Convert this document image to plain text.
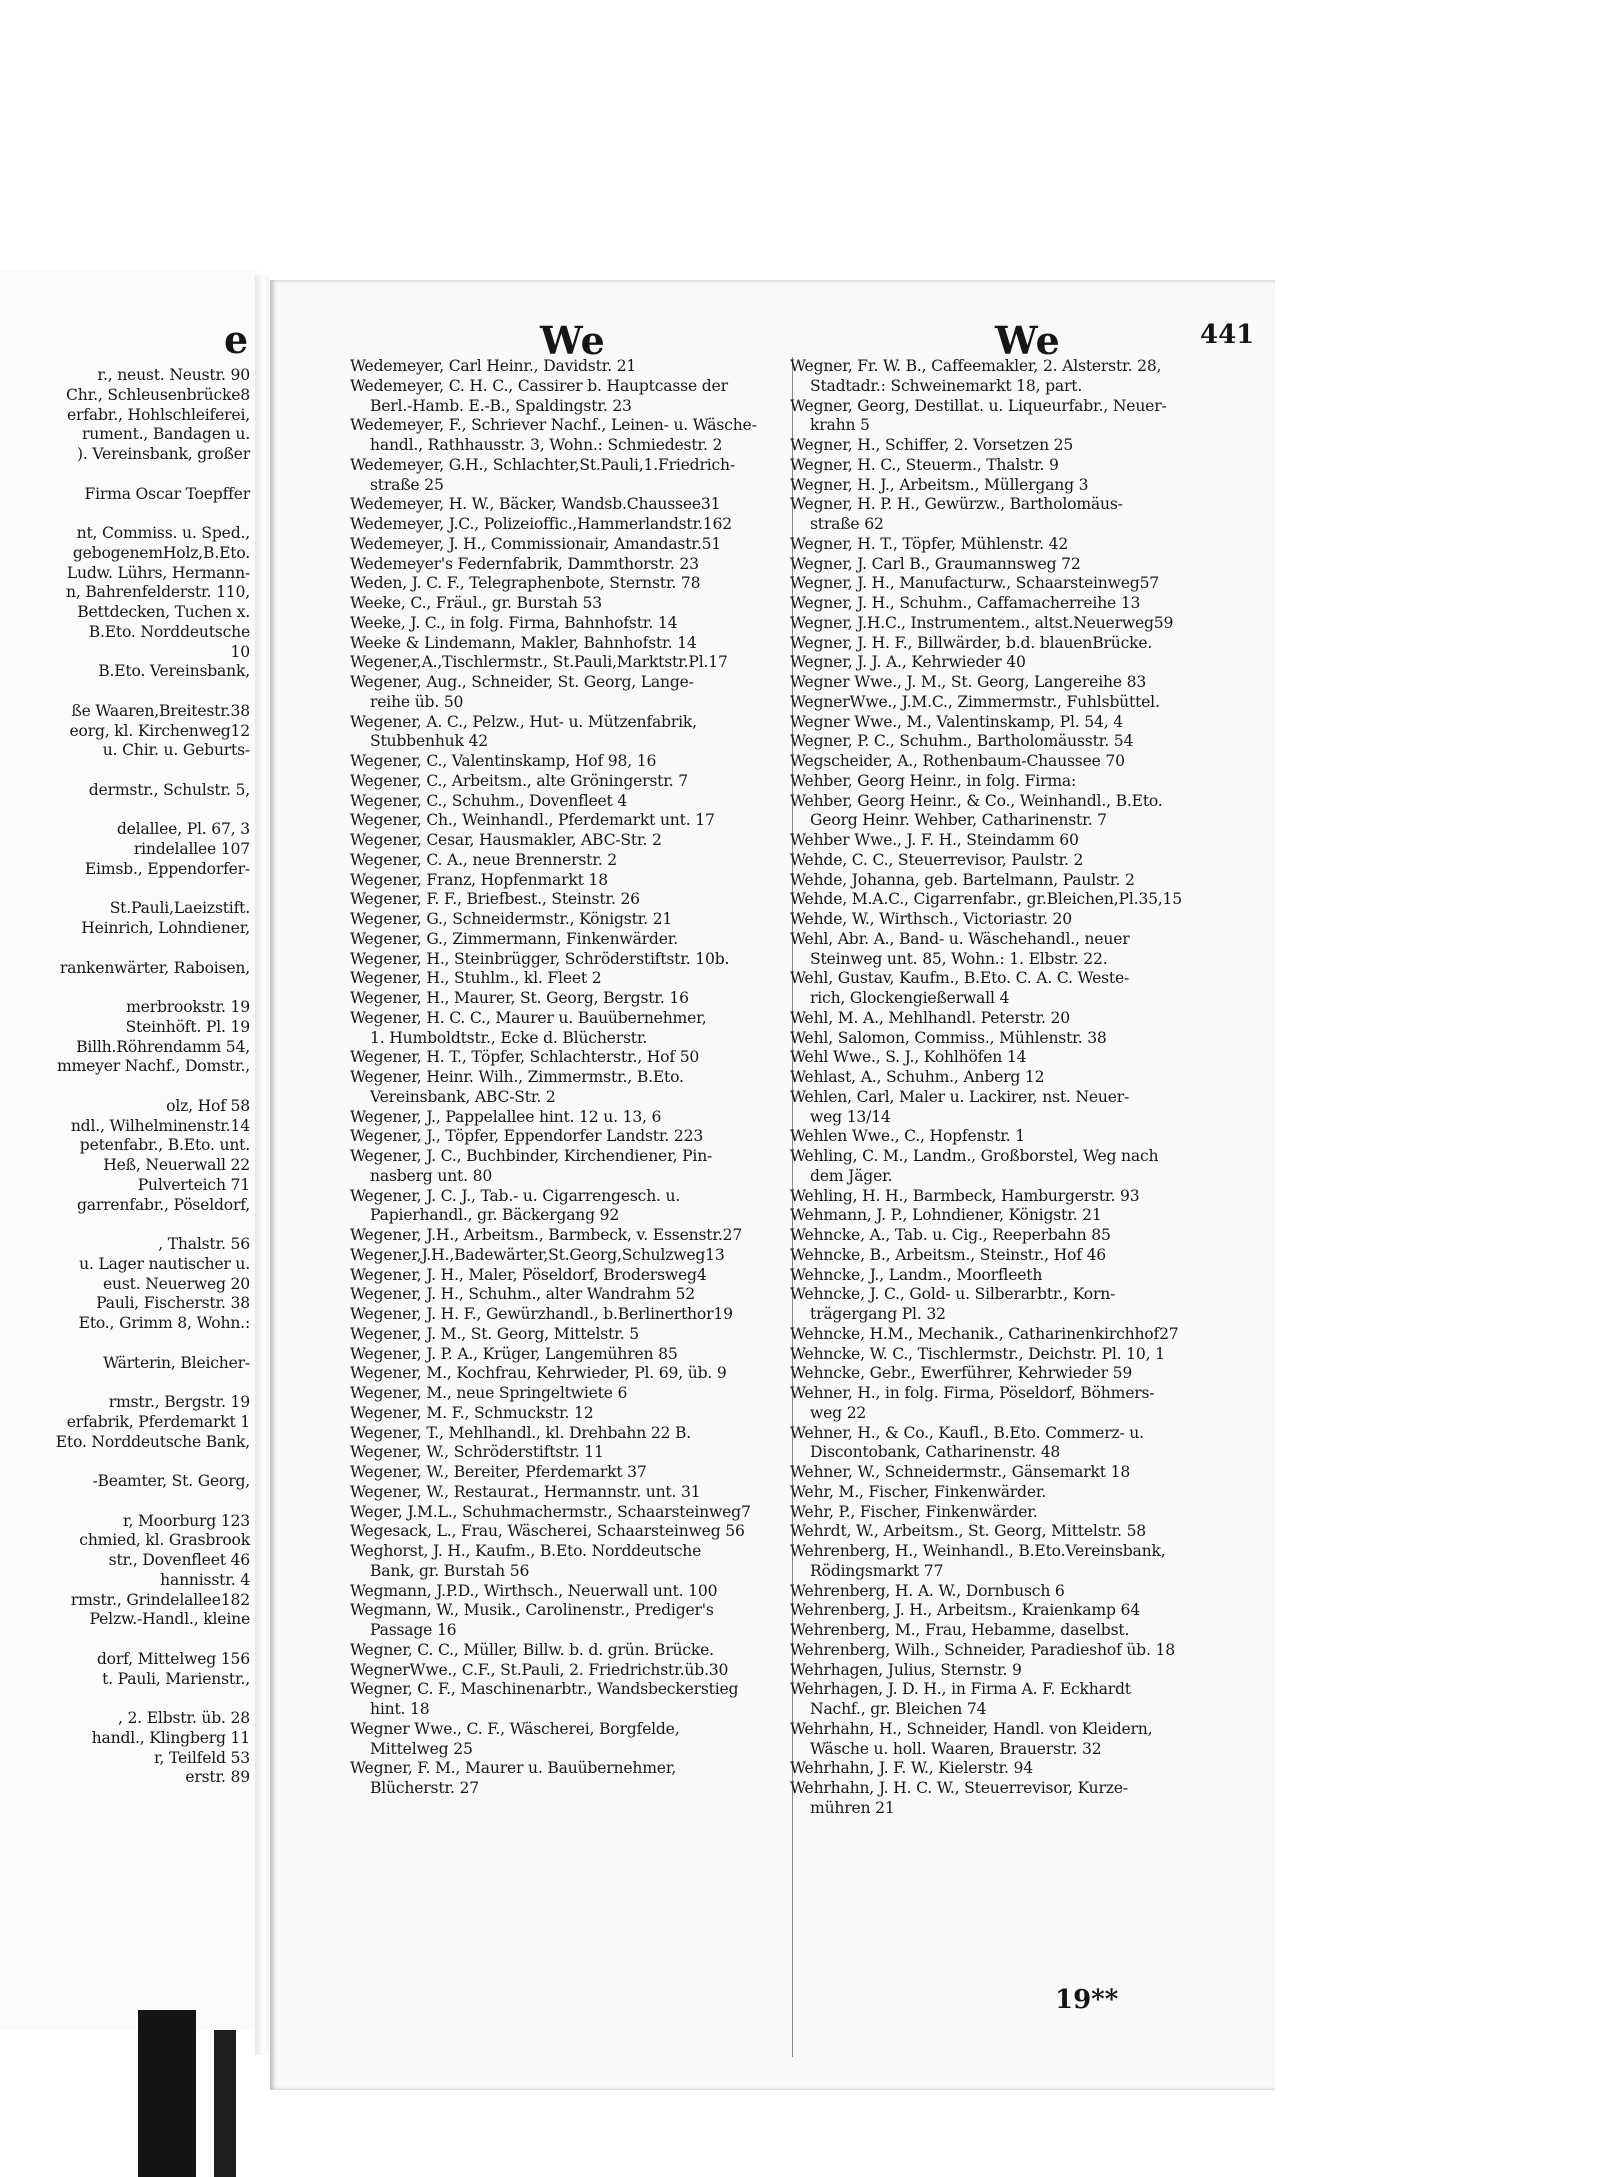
e
r., neust. Neustr. 90
Chr., Schleusenbrücke8
erfabr., Hohlschleiferei,
rument., Bandagen u.
). Vereinsbank, großer
Firma Oscar Toepffer
nt, Commiss. u. Sped.,
gebogenemHolz,B.Eto.
Ludw. Lührs, Hermann-
n, Bahrenfelderstr. 110,
Bettdecken, Tuchen x.
B.Eto. Norddeutsche
10
B.Eto. Vereinsbank,
ße Waaren,Breitestr.38
eorg, kl. Kirchenweg12
u. Chir. u. Geburts-
dermstr., Schulstr. 5,
delallee, Pl. 67, 3
rindelallee 107
Eimsb., Eppendorfer-
St.Pauli,Laeizstift.
Heinrich, Lohndiener,
rankenwärter, Raboisen,
merbrookstr. 19
Steinhöft. Pl. 19
Billh.Röhrendamm 54,
mmeyer Nachf., Domstr.,
olz, Hof 58
ndl., Wilhelminenstr.14
petenfabr., B.Eto. unt.
Heß, Neuerwall 22
Pulverteich 71
garrenfabr., Pöseldorf,
, Thalstr. 56
u. Lager nautischer u.
eust. Neuerweg 20
Pauli, Fischerstr. 38
Eto., Grimm 8, Wohn.:
Wärterin, Bleicher-
rmstr., Bergstr. 19
erfabrik, Pferdemarkt 1
Eto. Norddeutsche Bank,
-Beamter, St. Georg,
r, Moorburg 123
chmied, kl. Grasbrook
str., Dovenfleet 46
hannisstr. 4
rmstr., Grindelallee182
Pelzw.-Handl., kleine
dorf, Mittelweg 156
t. Pauli, Marienstr.,
, 2. Elbstr. üb. 28
handl., Klingberg 11
r, Teilfeld 53
erstr. 89
We	We	441
Wedemeyer, Carl Heinr., Davidstr. 21
Wedemeyer, C. H. C., Cassirer b. Hauptcasse der
Berl.-Hamb. E.-B., Spaldingstr. 23
Wedemeyer, F., Schriever Nachf., Leinen- u. Wäsche-
handl., Rathhausstr. 3, Wohn.: Schmiedestr. 2
Wedemeyer, G.H., Schlachter,St.Pauli,1.Friedrich-
straße 25
Wedemeyer, H. W., Bäcker, Wandsb.Chaussee31
Wedemeyer, J.C., Polizeioffic.,Hammerlandstr.162
Wedemeyer, J. H., Commissionair, Amandastr.51
Wedemeyer's Federnfabrik, Dammthorstr. 23
Weden, J. C. F., Telegraphenbote, Sternstr. 78
Weeke, C., Fräul., gr. Burstah 53
Weeke, J. C., in folg. Firma, Bahnhofstr. 14
Weeke & Lindemann, Makler, Bahnhofstr. 14
Wegener,A.,Tischlermstr., St.Pauli,Marktstr.Pl.17
Wegener, Aug., Schneider, St. Georg, Lange-
reihe üb. 50
Wegener, A. C., Pelzw., Hut- u. Mützenfabrik,
Stubbenhuk 42
Wegener, C., Valentinskamp, Hof 98, 16
Wegener, C., Arbeitsm., alte Gröningerstr. 7
Wegener, C., Schuhm., Dovenfleet 4
Wegener, Ch., Weinhandl., Pferdemarkt unt. 17
Wegener, Cesar, Hausmakler, ABC-Str. 2
Wegener, C. A., neue Brennerstr. 2
Wegener, Franz, Hopfenmarkt 18
Wegener, F. F., Briefbest., Steinstr. 26
Wegener, G., Schneidermstr., Königstr. 21
Wegener, G., Zimmermann, Finkenwärder.
Wegener, H., Steinbrügger, Schröderstiftstr. 10b.
Wegener, H., Stuhlm., kl. Fleet 2
Wegener, H., Maurer, St. Georg, Bergstr. 16
Wegener, H. C. C., Maurer u. Bauübernehmer,
1. Humboldtstr., Ecke d. Blücherstr.
Wegener, H. T., Töpfer, Schlachterstr., Hof 50
Wegener, Heinr. Wilh., Zimmermstr., B.Eto.
Vereinsbank, ABC-Str. 2
Wegener, J., Pappelallee hint. 12 u. 13, 6
Wegener, J., Töpfer, Eppendorfer Landstr. 223
Wegener, J. C., Buchbinder, Kirchendiener, Pin-
nasberg unt. 80
Wegener, J. C. J., Tab.- u. Cigarrengesch. u.
Papierhandl., gr. Bäckergang 92
Wegener, J.H., Arbeitsm., Barmbeck, v. Essenstr.27
Wegener,J.H.,Badewärter,St.Georg,Schulzweg13
Wegener, J. H., Maler, Pöseldorf, Brodersweg4
Wegener, J. H., Schuhm., alter Wandrahm 52
Wegener, J. H. F., Gewürzhandl., b.Berlinerthor19
Wegener, J. M., St. Georg, Mittelstr. 5
Wegener, J. P. A., Krüger, Langemühren 85
Wegener, M., Kochfrau, Kehrwieder, Pl. 69, üb. 9
Wegener, M., neue Springeltwiete 6
Wegener, M. F., Schmuckstr. 12
Wegener, T., Mehlhandl., kl. Drehbahn 22 B.
Wegener, W., Schröderstiftstr. 11
Wegener, W., Bereiter, Pferdemarkt 37
Wegener, W., Restaurat., Hermannstr. unt. 31
Weger, J.M.L., Schuhmachermstr., Schaarsteinweg7
Wegesack, L., Frau, Wäscherei, Schaarsteinweg 56
Weghorst, J. H., Kaufm., B.Eto. Norddeutsche
Bank, gr. Burstah 56
Wegmann, J.P.D., Wirthsch., Neuerwall unt. 100
Wegmann, W., Musik., Carolinenstr., Prediger's
Passage 16
Wegner, C. C., Müller, Billw. b. d. grün. Brücke.
WegnerWwe., C.F., St.Pauli, 2. Friedrichstr.üb.30
Wegner, C. F., Maschinenarbtr., Wandsbeckerstieg
hint. 18
Wegner Wwe., C. F., Wäscherei, Borgfelde,
Mittelweg 25
Wegner, F. M., Maurer u. Bauübernehmer,
Blücherstr. 27
Wegner, Fr. W. B., Caffeemakler, 2. Alsterstr. 28,
Stadtadr.: Schweinemarkt 18, part.
Wegner, Georg, Destillat. u. Liqueurfabr., Neuer-
krahn 5
Wegner, H., Schiffer, 2. Vorsetzen 25
Wegner, H. C., Steuerm., Thalstr. 9
Wegner, H. J., Arbeitsm., Müllergang 3
Wegner, H. P. H., Gewürzw., Bartholomäus-
straße 62
Wegner, H. T., Töpfer, Mühlenstr. 42
Wegner, J. Carl B., Graumannsweg 72
Wegner, J. H., Manufacturw., Schaarsteinweg57
Wegner, J. H., Schuhm., Caffamacherreihe 13
Wegner, J.H.C., Instrumentem., altst.Neuerweg59
Wegner, J. H. F., Billwärder, b.d. blauenBrücke.
Wegner, J. J. A., Kehrwieder 40
Wegner Wwe., J. M., St. Georg, Langereihe 83
WegnerWwe., J.M.C., Zimmermstr., Fuhlsbüttel.
Wegner Wwe., M., Valentinskamp, Pl. 54, 4
Wegner, P. C., Schuhm., Bartholomäusstr. 54
Wegscheider, A., Rothenbaum-Chaussee 70
Wehber, Georg Heinr., in folg. Firma:
Wehber, Georg Heinr., & Co., Weinhandl., B.Eto.
Georg Heinr. Wehber, Catharinenstr. 7
Wehber Wwe., J. F. H., Steindamm 60
Wehde, C. C., Steuerrevisor, Paulstr. 2
Wehde, Johanna, geb. Bartelmann, Paulstr. 2
Wehde, M.A.C., Cigarrenfabr., gr.Bleichen,Pl.35,15
Wehde, W., Wirthsch., Victoriastr. 20
Wehl, Abr. A., Band- u. Wäschehandl., neuer
Steinweg unt. 85, Wohn.: 1. Elbstr. 22.
Wehl, Gustav, Kaufm., B.Eto. C. A. C. Weste-
rich, Glockengießerwall 4
Wehl, M. A., Mehlhandl. Peterstr. 20
Wehl, Salomon, Commiss., Mühlenstr. 38
Wehl Wwe., S. J., Kohlhöfen 14
Wehlast, A., Schuhm., Anberg 12
Wehlen, Carl, Maler u. Lackirer, nst. Neuer-
weg 13/14
Wehlen Wwe., C., Hopfenstr. 1
Wehling, C. M., Landm., Großborstel, Weg nach
dem Jäger.
Wehling, H. H., Barmbeck, Hamburgerstr. 93
Wehmann, J. P., Lohndiener, Königstr. 21
Wehncke, A., Tab. u. Cig., Reeperbahn 85
Wehncke, B., Arbeitsm., Steinstr., Hof 46
Wehncke, J., Landm., Moorfleeth
Wehncke, J. C., Gold- u. Silberarbtr., Korn-
trägergang Pl. 32
Wehncke, H.M., Mechanik., Catharinenkirchhof27
Wehncke, W. C., Tischlermstr., Deichstr. Pl. 10, 1
Wehncke, Gebr., Ewerführer, Kehrwieder 59
Wehner, H., in folg. Firma, Pöseldorf, Böhmers-
weg 22
Wehner, H., & Co., Kaufl., B.Eto. Commerz- u.
Discontobank, Catharinenstr. 48
Wehner, W., Schneidermstr., Gänsemarkt 18
Wehr, M., Fischer, Finkenwärder.
Wehr, P., Fischer, Finkenwärder.
Wehrdt, W., Arbeitsm., St. Georg, Mittelstr. 58
Wehrenberg, H., Weinhandl., B.Eto.Vereinsbank,
Rödingsmarkt 77
Wehrenberg, H. A. W., Dornbusch 6
Wehrenberg, J. H., Arbeitsm., Kraienkamp 64
Wehrenberg, M., Frau, Hebamme, daselbst.
Wehrenberg, Wilh., Schneider, Paradieshof üb. 18
Wehrhagen, Julius, Sternstr. 9
Wehrhagen, J. D. H., in Firma A. F. Eckhardt
Nachf., gr. Bleichen 74
Wehrhahn, H., Schneider, Handl. von Kleidern,
Wäsche u. holl. Waaren, Brauerstr. 32
Wehrhahn, J. F. W., Kielerstr. 94
Wehrhahn, J. H. C. W., Steuerrevisor, Kurze-
mühren 21
19**
